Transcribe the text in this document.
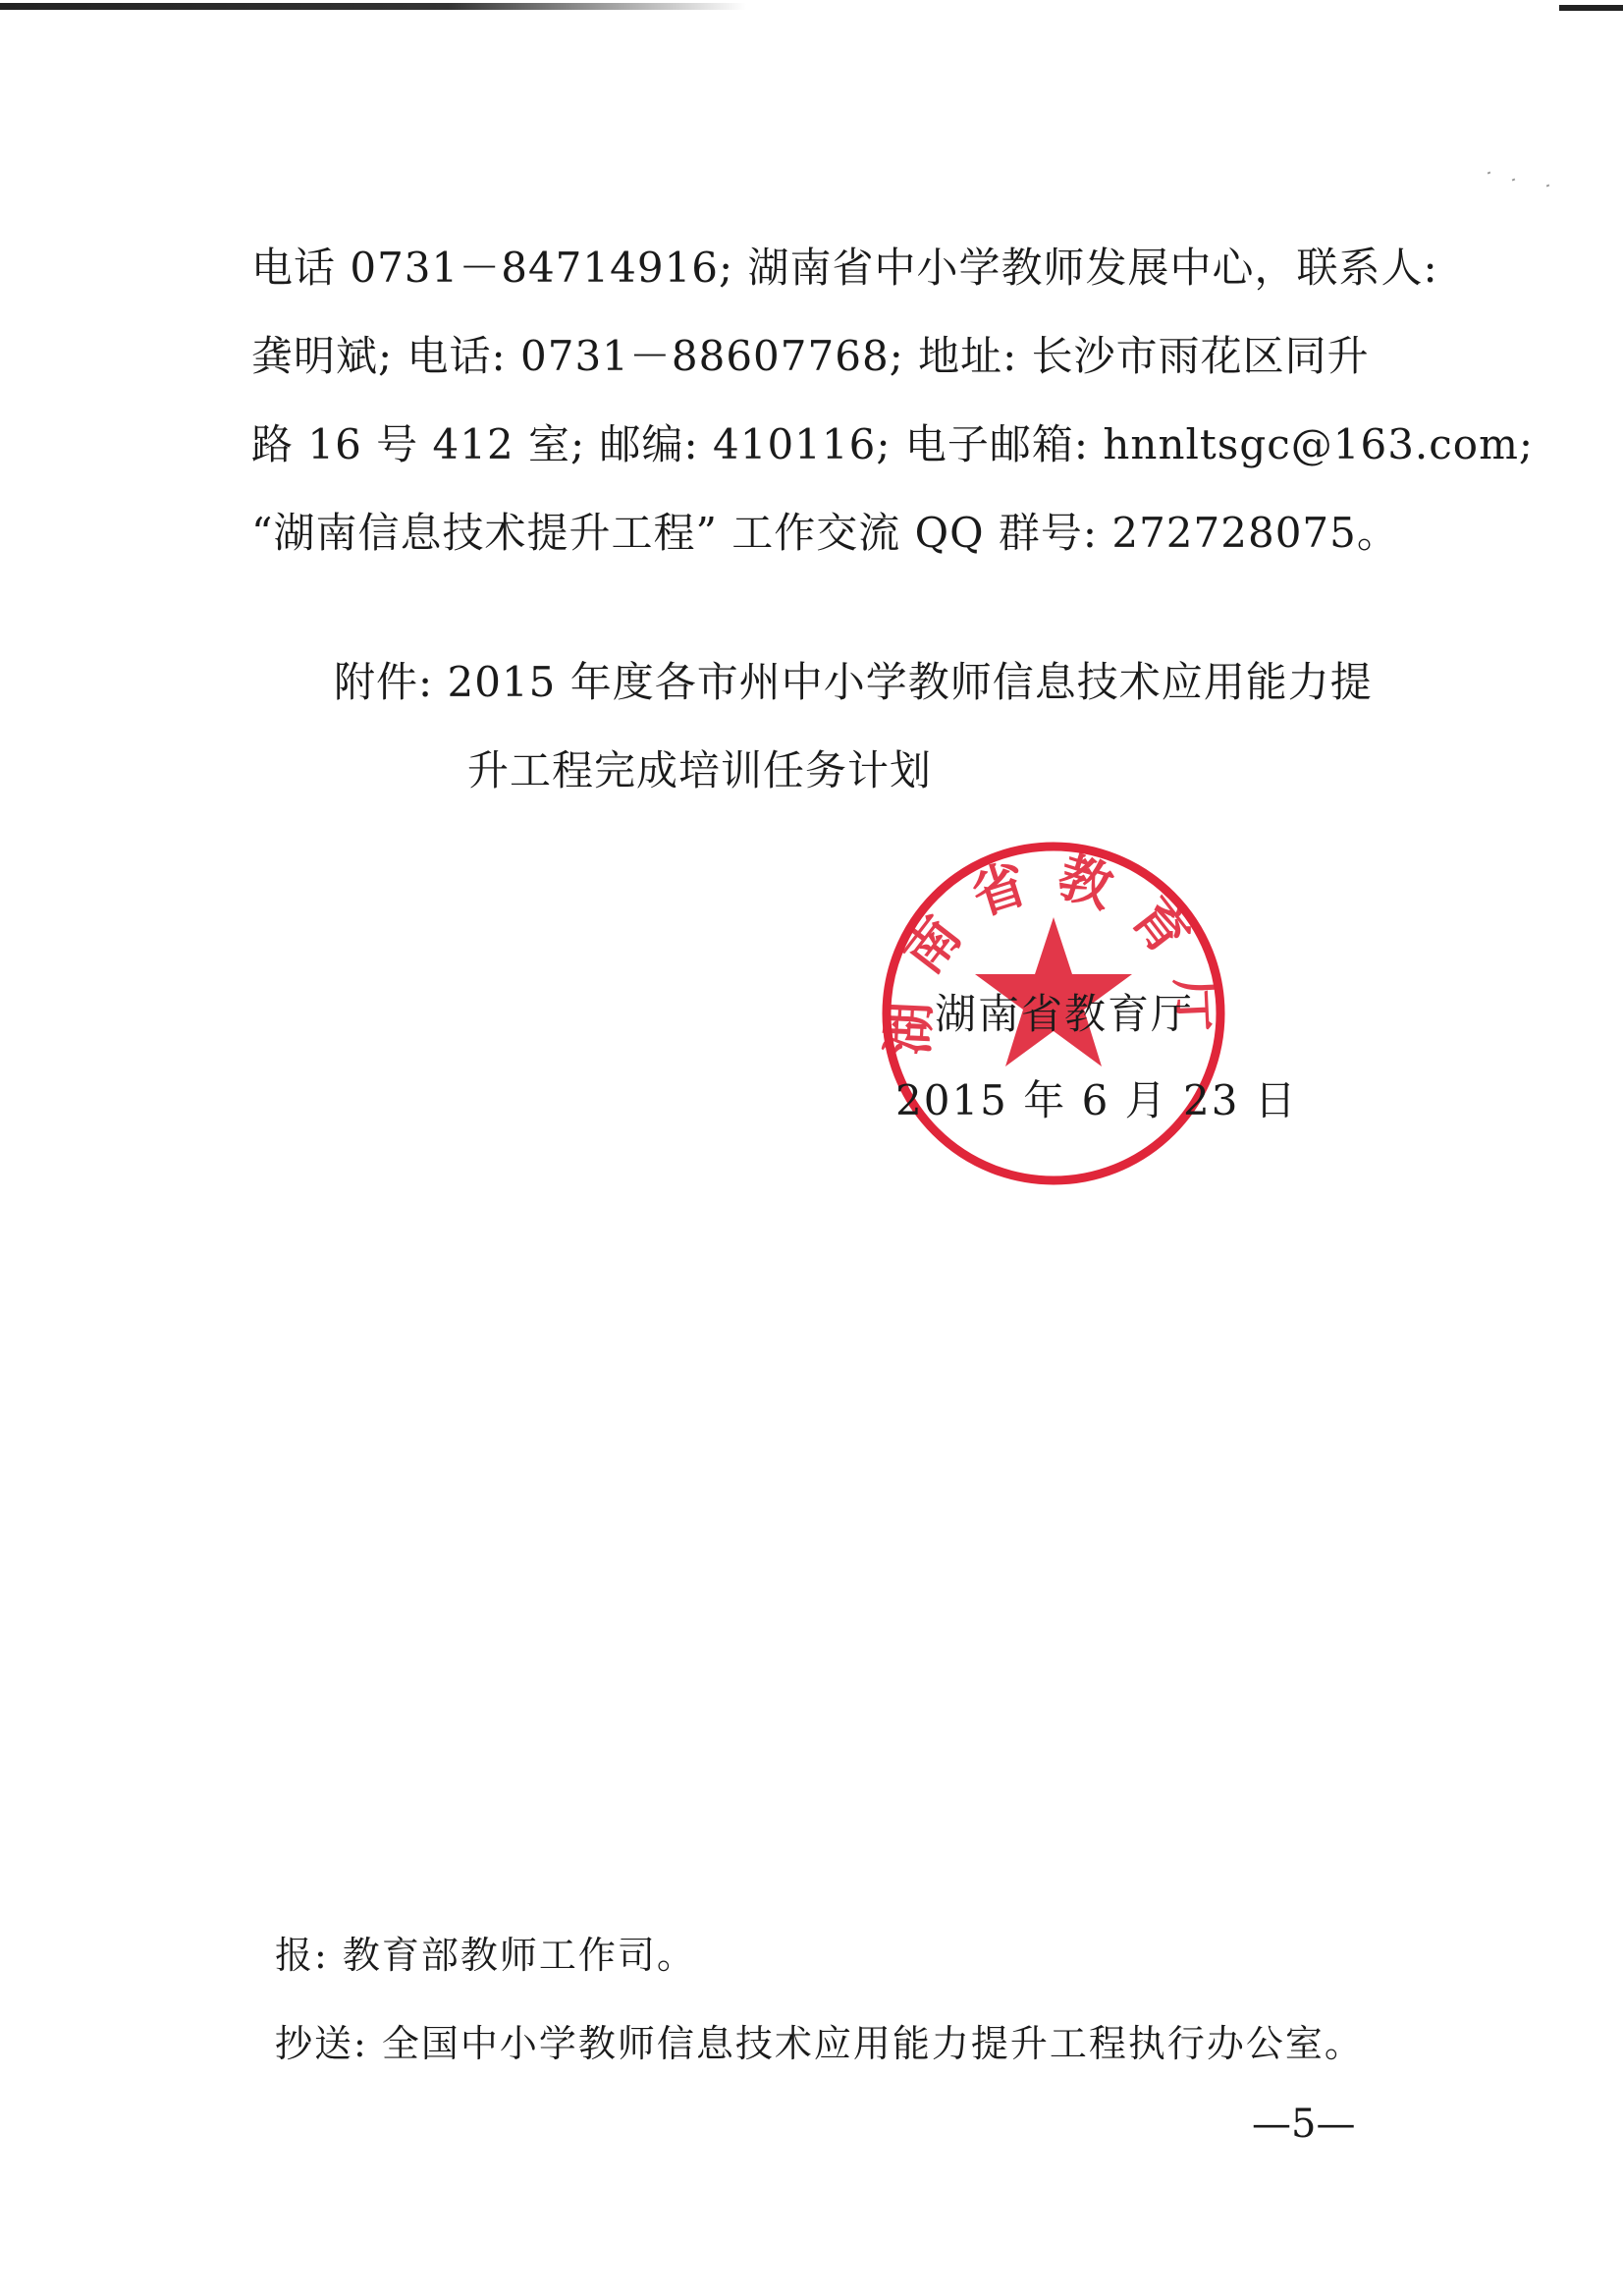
电话 0731－84714916; 湖南省中小学教师发展中心，联系人:
龚明斌; 电话: 0731－88607768; 地址: 长沙市雨花区同升
路 16 号 412 室; 邮编: 410116; 电子邮箱: hnnltsgc@163.com;
“湖南信息技术提升工程” 工作交流 QQ 群号: 272728075。
附件: 2015 年度各市州中小学教师信息技术应用能力提
升工程完成培训任务计划
湖南省教育厅
湖南省教育厅
2015 年 6 月 23 日
报: 教育部教师工作司。
抄送: 全国中小学教师信息技术应用能力提升工程执行办公室。
—5—
